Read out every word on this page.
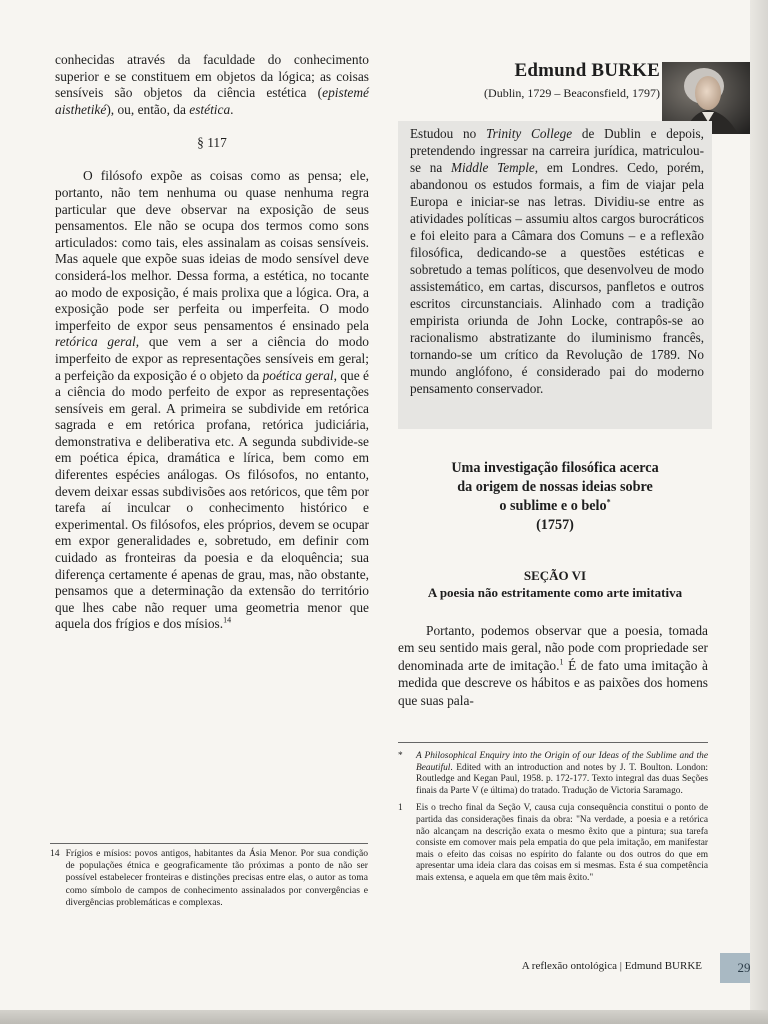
conhecidas através da faculdade do conhecimento superior e se constituem em objetos da lógica; as coisas sensíveis são objetos da ciência estética (epistemé aisthetiké), ou, então, da estética.

§ 117

O filósofo expõe as coisas como as pensa; ele, portanto, não tem nenhuma ou quase nenhuma regra particular que deve observar na exposição de seus pensamentos. Ele não se ocupa dos termos como sons articulados: como tais, eles assinalam as coisas sensíveis. Mas aquele que expõe suas ideias de modo sensível deve considerá-los melhor. Dessa forma, a estética, no tocante ao modo de exposição, é mais prolixa que a lógica. Ora, a exposição pode ser perfeita ou imperfeita. O modo imperfeito de expor seus pensamentos é ensinado pela retórica geral, que vem a ser a ciência do modo imperfeito de expor as representações sensíveis em geral; a perfeição da exposição é o objeto da poética geral, que é a ciência do modo perfeito de expor as representações sensíveis em geral. A primeira se subdivide em retórica sagrada e em retórica profana, retórica judiciária, demonstrativa e deliberativa etc. A segunda subdivide-se em poética épica, dramática e lírica, bem como em diferentes espécies análogas. Os filósofos, no entanto, devem deixar essas subdivisões aos retóricos, que têm por tarefa aí inculcar o conhecimento histórico e experimental. Os filósofos, eles próprios, devem se ocupar em expor generalidades e, sobretudo, em definir com cuidado as fronteiras da poesia e da eloquência; sua diferença certamente é apenas de grau, mas, não obstante, pensamos que a determinação da extensão do território que lhes cabe não requer uma geometria menor que aquela dos frígios e dos mísios.$^{14}$

14 Frígios e mísios: povos antigos, habitantes da Ásia Menor. Por sua condição de populações étnica e geograficamente tão próximas a ponto de não ser possível estabelecer fronteiras e distinções precisas entre elas, o autor as toma como símbolo de campos de conhecimento assinalados por convergências e divergências problemáticas e complexas.
Edmund BURKE
(Dublin, 1729 – Beaconsfield, 1797)

Estudou no Trinity College de Dublin e depois, pretendendo ingressar na carreira jurídica, matriculou-se na Middle Temple, em Londres. Cedo, porém, abandonou os estudos formais, a fim de viajar pela Europa e iniciar-se nas letras. Dividiu-se entre as atividades políticas – assumiu altos cargos burocráticos e foi eleito para a Câmara dos Comuns – e a reflexão filosófica, dedicando-se a questões estéticas e sobretudo a temas políticos, que desenvolveu de modo assistemático, em cartas, discursos, panfletos e outros escritos circunstanciais. Alinhado com a tradição empirista oriunda de John Locke, contrapôs-se ao racionalismo abstratizante do iluminismo francês, tornando-se um crítico da Revolução de 1789. No mundo anglófono, é considerado pai do moderno pensamento conservador.

Uma investigação filosófica acerca
da origem de nossas ideias sobre
o sublime e o belo*
(1757)
SEÇÃO VI
A poesia não estritamente como arte imitativa

Portanto, podemos observar que a poesia, tomada em seu sentido mais geral, não pode com propriedade ser denominada arte de imitação.$^1$ É de fato uma imitação à medida que descreve os hábitos e as paixões dos homens que suas pala-

*	A Philosophical Enquiry into the Origin of our Ideas of the Sublime and the Beautiful. Edited with an introduction and notes by J. T. Boulton. London: Routledge and Kegan Paul, 1958. p. 172-177. Texto integral das duas Seções finais da Parte V (e última) do tratado. Tradução de Victoria Saramago.
1	Eis o trecho final da Seção V, causa cuja consequência constitui o ponto de partida das considerações finais da obra: "Na verdade, a poesia e a retórica não alcançam na descrição exata o mesmo êxito que a pintura; sua tarefa consiste em comover mais pela empatia do que pela imitação, em manifestar mais o efeito das coisas no espírito do falante ou dos outros do que em apresentar uma ideia clara das coisas em si mesmas. Esta é sua competência mais extensa, e aquela em que têm mais êxito."
A reflexão ontológica | Edmund BURKE	29
